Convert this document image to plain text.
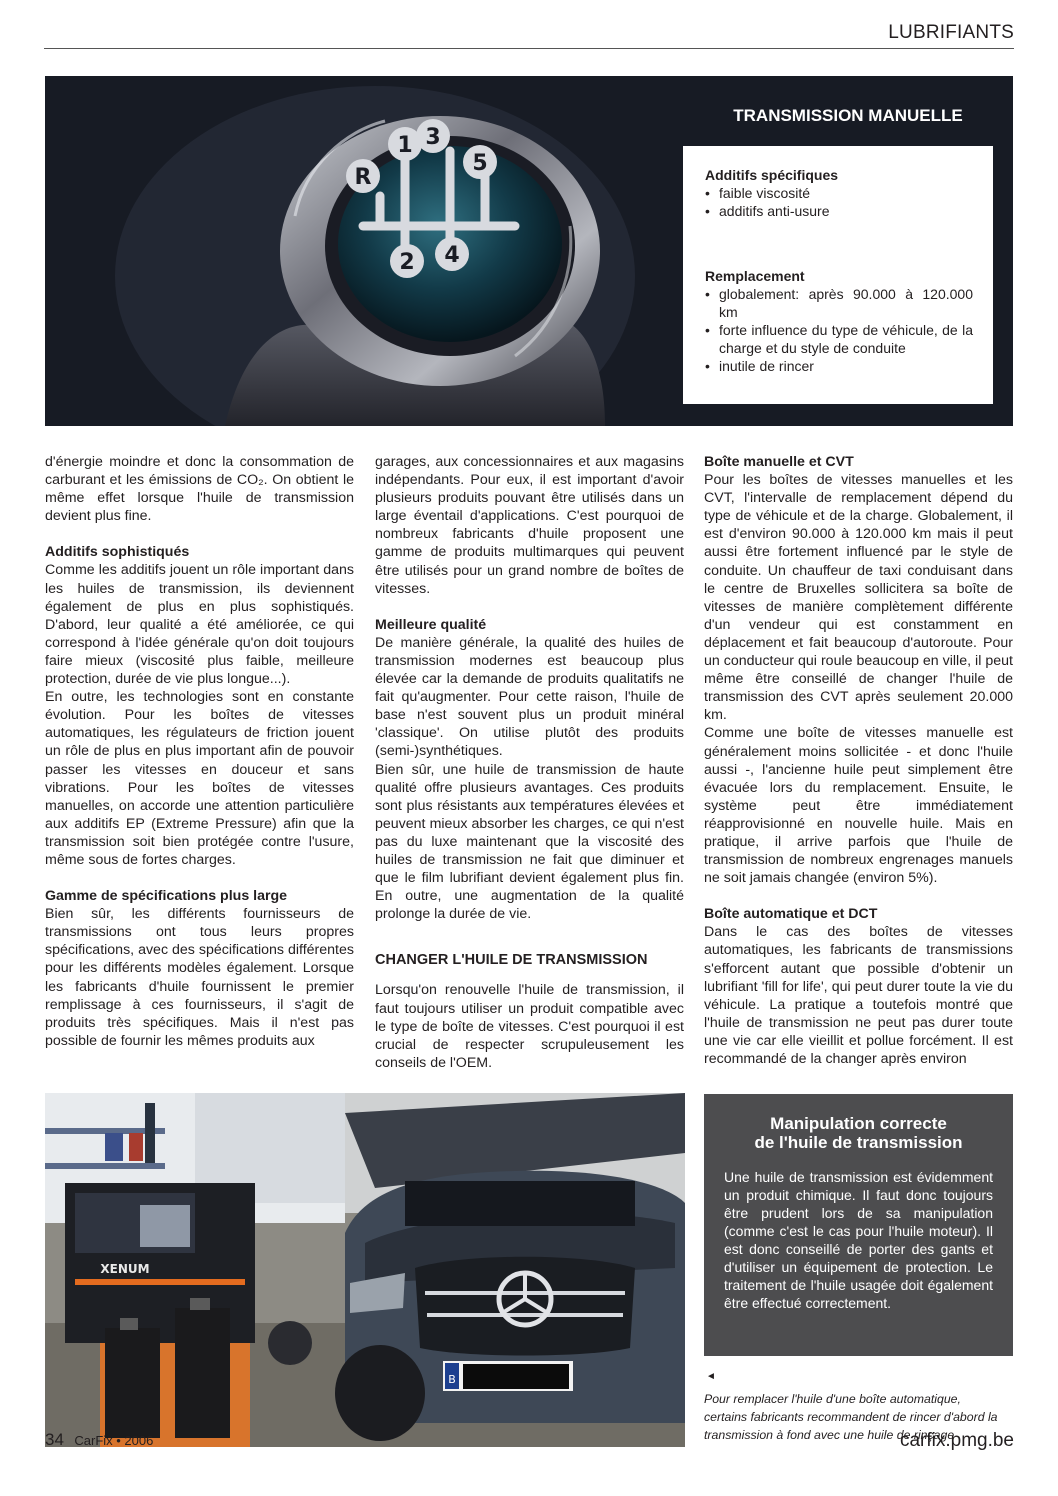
LUBRIFIANTS
R
1 3
5
2 4
TRANSMISSION MANUELLE
Additifs spécifiques
• faible viscosité
• additifs anti-usure
Remplacement
• globalement: après 90.000 à 120.000 km
• forte influence du type de véhicule, de la charge et du style de conduite
• inutile de rincer

d'énergie moindre et donc la consommation de carburant et les émissions de CO₂. On obtient le même effet lorsque l'huile de transmission devient plus fine.

Additifs sophistiqués

Comme les additifs jouent un rôle important dans les huiles de transmission, ils deviennent également de plus en plus sophistiqués. D'abord, leur qualité a été améliorée, ce qui correspond à l'idée générale qu'on doit toujours faire mieux (viscosité plus faible, meilleure protection, durée de vie plus longue...).

En outre, les technologies sont en constante évolution. Pour les boîtes de vitesses automatiques, les régulateurs de friction jouent un rôle de plus en plus important afin de pouvoir passer les vitesses en douceur et sans vibrations. Pour les boîtes de vitesses manuelles, on accorde une attention particulière aux additifs EP (Extreme Pressure) afin que la transmission soit bien protégée contre l'usure, même sous de fortes charges.

Gamme de spécifications plus large

Bien sûr, les différents fournisseurs de transmissions ont tous leurs propres spécifications, avec des spécifications différentes pour les différents modèles également. Lorsque les fabricants d'huile fournissent le premier remplissage à ces fournisseurs, il s'agit de produits très spécifiques. Mais il n'est pas possible de fournir les mêmes produits aux

garages, aux concessionnaires et aux magasins indépendants. Pour eux, il est important d'avoir plusieurs produits pouvant être utilisés dans un large éventail d'applications. C'est pourquoi de nombreux fabricants d'huile proposent une gamme de produits multimarques qui peuvent être utilisés pour un grand nombre de boîtes de vitesses.

Meilleure qualité

De manière générale, la qualité des huiles de transmission modernes est beaucoup plus élevée car la demande de produits qualitatifs ne fait qu'augmenter. Pour cette raison, l'huile de base n'est souvent plus un produit minéral 'classique'. On utilise plutôt des produits (semi-)synthétiques.

Bien sûr, une huile de transmission de haute qualité offre plusieurs avantages. Ces produits sont plus résistants aux températures élevées et peuvent mieux absorber les charges, ce qui n'est pas du luxe maintenant que la viscosité des huiles de transmission ne fait que diminuer et que le film lubrifiant devient également plus fin. En outre, une augmentation de la qualité prolonge la durée de vie.

CHANGER L'HUILE DE TRANSMISSION

Lorsqu'on renouvelle l'huile de transmission, il faut toujours utiliser un produit compatible avec le type de boîte de vitesses. C'est pourquoi il est crucial de respecter scrupuleusement les conseils de l'OEM.

Boîte manuelle et CVT

Pour les boîtes de vitesses manuelles et les CVT, l'intervalle de remplacement dépend du type de véhicule et de la charge. Globalement, il est d'environ 90.000 à 120.000 km mais il peut aussi être fortement influencé par le style de conduite. Un chauffeur de taxi conduisant dans le centre de Bruxelles sollicitera sa boîte de vitesses de manière complètement différente d'un vendeur qui est constamment en déplacement et fait beaucoup d'autoroute. Pour un conducteur qui roule beaucoup en ville, il peut même être conseillé de changer l'huile de transmission des CVT après seulement 20.000 km.

Comme une boîte de vitesses manuelle est généralement moins sollicitée - et donc l'huile aussi -, l'ancienne huile peut simplement être évacuée lors du remplacement. Ensuite, le système peut être immédiatement réapprovisionné en nouvelle huile. Mais en pratique, il arrive parfois que l'huile de transmission de nombreux engrenages manuels ne soit jamais changée (environ 5%).

Boîte automatique et DCT

Dans le cas des boîtes de vitesses automatiques, les fabricants de transmissions s'efforcent autant que possible d'obtenir un lubrifiant 'fill for life', qui peut durer toute la vie du véhicule. La pratique a toutefois montré que l'huile de transmission ne peut pas durer toute une vie car elle vieillit et pollue forcément. Il est recommandé de la changer après environ

B
XENUM
Manipulation correcte
de l'huile de transmission
Une huile de transmission est évidemment un produit chimique. Il faut donc toujours être prudent lors de sa manipulation (comme c'est le cas pour l'huile moteur). Il est donc conseillé de porter des gants et d'utiliser un équipement de protection. Le traitement de l'huile usagée doit également être effectué correctement.
◄
Pour remplacer l'huile d'une boîte automatique, certains fabricants recommandent de rincer d'abord la transmission à fond avec une huile de rinçage
34 CarFix • 2006	carfix.pmg.be
